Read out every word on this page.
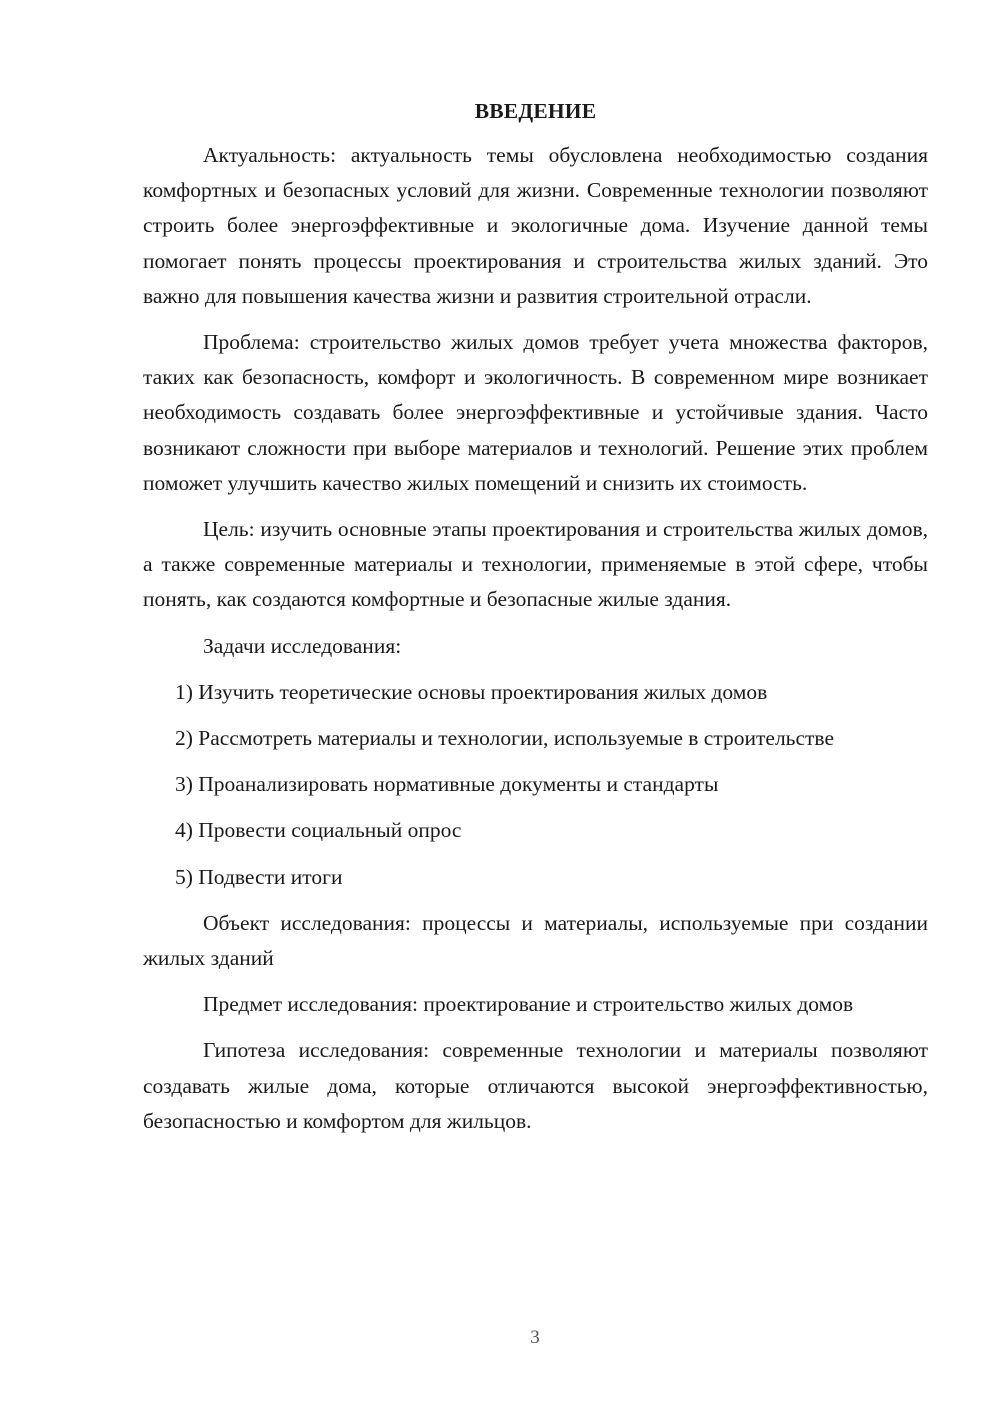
ВВЕДЕНИЕ

Актуальность: актуальность темы обусловлена необходимостью создания комфортных и безопасных условий для жизни. Современные технологии позволяют строить более энергоэффективные и экологичные дома. Изучение данной темы помогает понять процессы проектирования и строительства жилых зданий. Это важно для повышения качества жизни и развития строительной отрасли.

Проблема: строительство жилых домов требует учета множества факторов, таких как безопасность, комфорт и экологичность. В современном мире возникает необходимость создавать более энергоэффективные и устойчивые здания. Часто возникают сложности при выборе материалов и технологий. Решение этих проблем поможет улучшить качество жилых помещений и снизить их стоимость.

Цель: изучить основные этапы проектирования и строительства жилых домов, а также современные материалы и технологии, применяемые в этой сфере, чтобы понять, как создаются комфортные и безопасные жилые здания.

Задачи исследования:

1) Изучить теоретические основы проектирования жилых домов

2) Рассмотреть материалы и технологии, используемые в строительстве

3) Проанализировать нормативные документы и стандарты

4) Провести социальный опрос

5) Подвести итоги

Объект исследования: процессы и материалы, используемые при создании жилых зданий

Предмет исследования: проектирование и строительство жилых домов

Гипотеза исследования: современные технологии и материалы позволяют создавать жилые дома, которые отличаются высокой энергоэффективностью, безопасностью и комфортом для жильцов.

3
